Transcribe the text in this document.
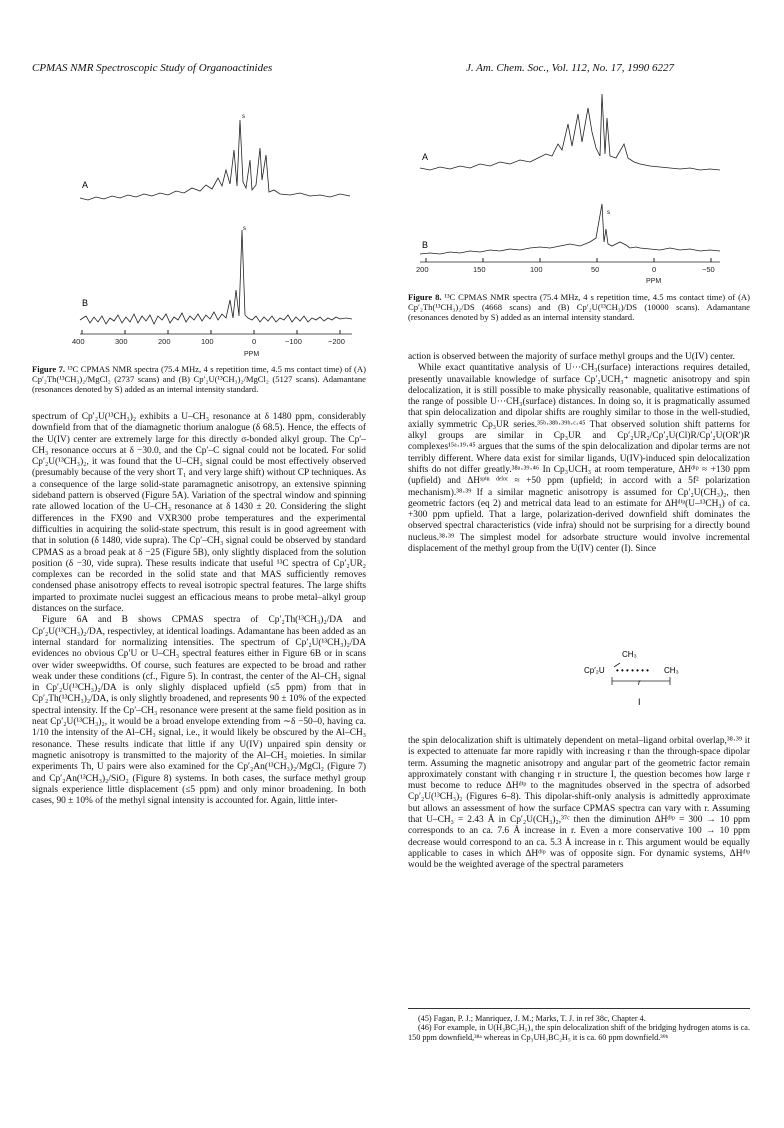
CPMAS NMR Spectroscopic Study of Organoactinides	J. Am. Chem. Soc., Vol. 112, No. 17, 1990 6227
A
s
B
s
400	300	200	100	0	−100	−200
PPM
Figure 7. ¹³C CPMAS NMR spectra (75.4 MHz, 4 s repetition time, 4.5 ms contact time) of (A) Cp′₂Th(¹³CH₃)₂/MgCl₂ (2737 scans) and (B) Cp′₂U(¹³CH₃)₂/MgCl₂ (5127 scans). Adamantane (resonances denoted by S) added as an internal intensity standard.
A
B
s
200	150	100	50	0	−50
PPM
Figure 8. ¹³C CPMAS NMR spectra (75.4 MHz, 4 s repetition time, 4.5 ms contact time) of (A) Cp′₂Th(¹³CH₃)₂/DS (4668 scans) and (B) Cp′₂U(¹³CH₃)/DS (10000 scans). Adamantane (resonances denoted by S) added as an internal intensity standard.

spectrum of Cp′₂U(¹³CH₃)₂ exhibits a U–CH₃ resonance at δ 1480 ppm, considerably downfield from that of the diamagnetic thorium analogue (δ 68.5). Hence, the effects of the U(IV) center are extremely large for this directly σ-bonded alkyl group. The Cp′–CH₃ resonance occurs at δ −30.0, and the Cp′–C signal could not be located. For solid Cp′₂U(¹³CH₃)₂, it was found that the U–CH₃ signal could be most effectively observed (presumably because of the very short T₁ and very large shift) without CP techniques. As a consequence of the large solid-state paramagnetic anisotropy, an extensive spinning sideband pattern is observed (Figure 5A). Variation of the spectral window and spinning rate allowed location of the U–CH₃ resonance at δ 1430 ± 20. Considering the slight differences in the FX90 and VXR300 probe temperatures and the experimental difficulties in acquiring the solid-state spectrum, this result is in good agreement with that in solution (δ 1480, vide supra). The Cp′–CH₃ signal could be observed by standard CPMAS as a broad peak at δ −25 (Figure 5B), only slightly displaced from the solution position (δ −30, vide supra). These results indicate that useful ¹³C spectra of Cp′₂UR₂ complexes can be recorded in the solid state and that MAS sufficiently removes condensed phase anisotropy effects to reveal isotropic spectral features. The large shifts imparted to proximate nuclei suggest an efficacious means to probe metal–alkyl group distances on the surface.

Figure 6A and B shows CPMAS spectra of Cp′₂Th(¹³CH₃)₂/DA and Cp′₂U(¹³CH₃)₂/DA, respectivley, at identical loadings. Adamantane has been added as an internal standard for normalizing intensities. The spectrum of Cp′₂U(¹³CH₃)₂/DA evidences no obvious Cp′U or U–CH₃ spectral features either in Figure 6B or in scans over wider sweepwidths. Of course, such features are expected to be broad and rather weak under these conditions (cf., Figure 5). In contrast, the center of the Al–CH₃ signal in Cp′₂U(¹³CH₃)₂/DA is only slighly displaced upfield (≤5 ppm) from that in Cp′₂Th(¹³CH₃)₂/DA, is only slightly broadened, and represents 90 ± 10% of the expected spectral intensity. If the Cp′–CH₃ resonance were present at the same field position as in neat Cp′₂U(¹³CH₃)₂, it would be a broad envelope extending from ∼δ −50–0, having ca. 1/10 the intensity of the Al–CH₃ signal, i.e., it would likely be obscured by the Al–CH₃ resonance. These results indicate that little if any U(IV) unpaired spin density or magnetic anisotropy is transmitted to the majority of the Al–CH₃ moieties. In similar experiments Th, U pairs were also examined for the Cp′₂An(¹³CH₃)₂/MgCl₂ (Figure 7) and Cp′₂An(¹³CH₃)₂/SiO₂ (Figure 8) systems. In both cases, the surface methyl group signals experience little displacement (≤5 ppm) and only minor broadening. In both cases, 90 ± 10% of the methyl signal intensity is accounted for. Again, little inter-

action is observed between the majority of surface methyl groups and the U(IV) center.

While exact quantitative analysis of U···CH₃(surface) interactions requires detailed, presently unavailable knowledge of surface Cp′₂UCH₃⁺ magnetic anisotropy and spin delocalization, it is still possible to make physically reasonable, qualitative estimations of the range of possible U···CH₃(surface) distances. In doing so, it is pragmatically assumed that spin delocalization and dipolar shifts are roughly similar to those in the well-studied, axially symmetric Cp₃UR series.³⁵ᵇ·³⁸ᵇ·³⁹ᵇ·ᶜ·⁴⁵ That observed solution shift patterns for alkyl groups are similar in Cp₃UR and Cp′₂UR₂/Cp′₂U(Cl)R/Cp′₂U(OR′)R complexes¹⁵ᵃ·¹⁹·⁴⁵ argues that the sums of the spin delocalization and dipolar terms are not terribly different. Where data exist for similar ligands, U(IV)-induced spin delocalization shifts do not differ greatly.³⁸ᵃ·³⁹·⁴⁶ In Cp₃UCH₃ at room temperature, ΔHᵈⁱᵖ ≈ +130 ppm (upfield) and ΔHˢᵖⁱⁿ ᵈᵉˡᵒᶜ ≈ +50 ppm (upfield; in accord with a 5f² polarization mechanism).³⁸·³⁹ If a similar magnetic anisotropy is assumed for Cp′₂U(CH₃)₂, then geometric factors (eq 2) and metrical data lead to an estimate for ΔHᵈⁱᵖ(U–¹³CH₃) of ca. +300 ppm upfield. That a large, polarization-derived downfield shift dominates the observed spectral characteristics (vide infra) should not be surprising for a directly bound nucleus.³⁸·³⁹ The simplest model for adsorbate structure would involve incremental displacement of the methyl group from the U(IV) center (I). Since

CH₃
Cp′₂U • • • • • • • CH₃
r
I

the spin delocalization shift is ultimately dependent on metal–ligand orbital overlap,³⁸·³⁹ it is expected to attenuate far more rapidly with increasing r than the through-space dipolar term. Assuming the magnetic anisotropy and angular part of the geometric factor remain approximately constant with changing r in structure I, the question becomes how large r must become to reduce ΔHᵈⁱᵖ to the magnitudes observed in the spectra of adsorbed Cp′₂U(¹³CH₃)₂ (Figures 6–8). This dipolar-shift-only analysis is admittedly approximate but allows an assessment of how the surface CPMAS spectra can vary with r. Assuming that U–CH₃ = 2.43 Å in Cp′₂U(CH₃)₂,³⁷ᶜ then the diminution ΔHᵈⁱᵖ = 300 → 10 ppm corresponds to an ca. 7.6 Å increase in r. Even a more conservative 100 → 10 ppm decrease would correspond to an ca. 5.3 Å increase in r. This argument would be equally applicable to cases in which ΔHᵈⁱᵖ was of opposite sign. For dynamic systems, ΔHᵈⁱᵖ would be the weighted average of the spectral parameters

(45) Fagan, P. J.; Manriquez, J. M.; Marks, T. J. in ref 38c, Chapter 4.

(46) For example, in U(H₃BC₂H₅)₄ the spin delocalization shift of the bridging hydrogen atoms is ca. 150 ppm downfield,³⁸ᵃ whereas in Cp₃UH₃BC₂H₅ it is ca. 60 ppm downfield.³⁹ᵇ
